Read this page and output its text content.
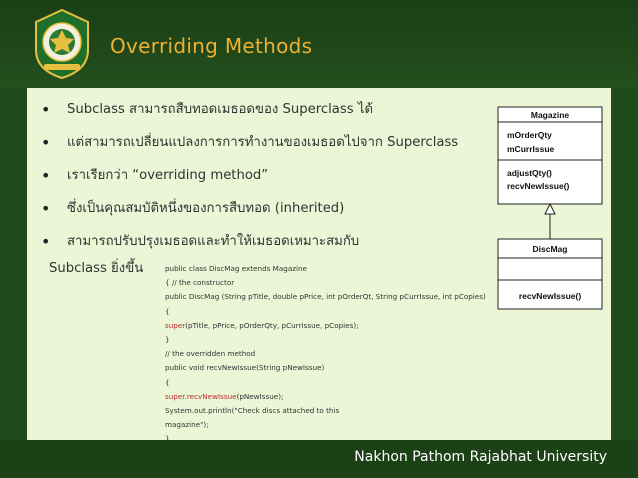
Overriding Methods
• Subclass สามารถสืบทอดเมธอดของ Superclass ได้
• แต่สามารถเปลี่ยนแปลงการการทำงานของเมธอดไปจาก Superclass
• เราเรียกว่า “overriding method”
• ซึ่งเป็นคุณสมบัติหนึ่งของการสืบทอด (inherited)
• สามารถปรับปรุงเมธอดและทำให้เมธอดเหมาะสมกับ
Subclass ยิ่งขึ้น	public class DiscMag extends Magazine
{ // the constructor
public DiscMag (String pTitle, double pPrice, int pOrderQt, String pCurrIssue, int pCopies)
{
super(pTitle, pPrice, pOrderQty, pCurrIssue, pCopies);
}
// the overridden method
public void recvNewIssue(String pNewIssue)
{
super.recvNewIssue(pNewIssue);
System.out.println("Check discs attached to this
magazine");
}
}
Magazine
mOrderQty
mCurrIssue
adjustQty()
recvNewIssue()
DiscMag
recvNewIssue()
Nakhon Pathom Rajabhat University
